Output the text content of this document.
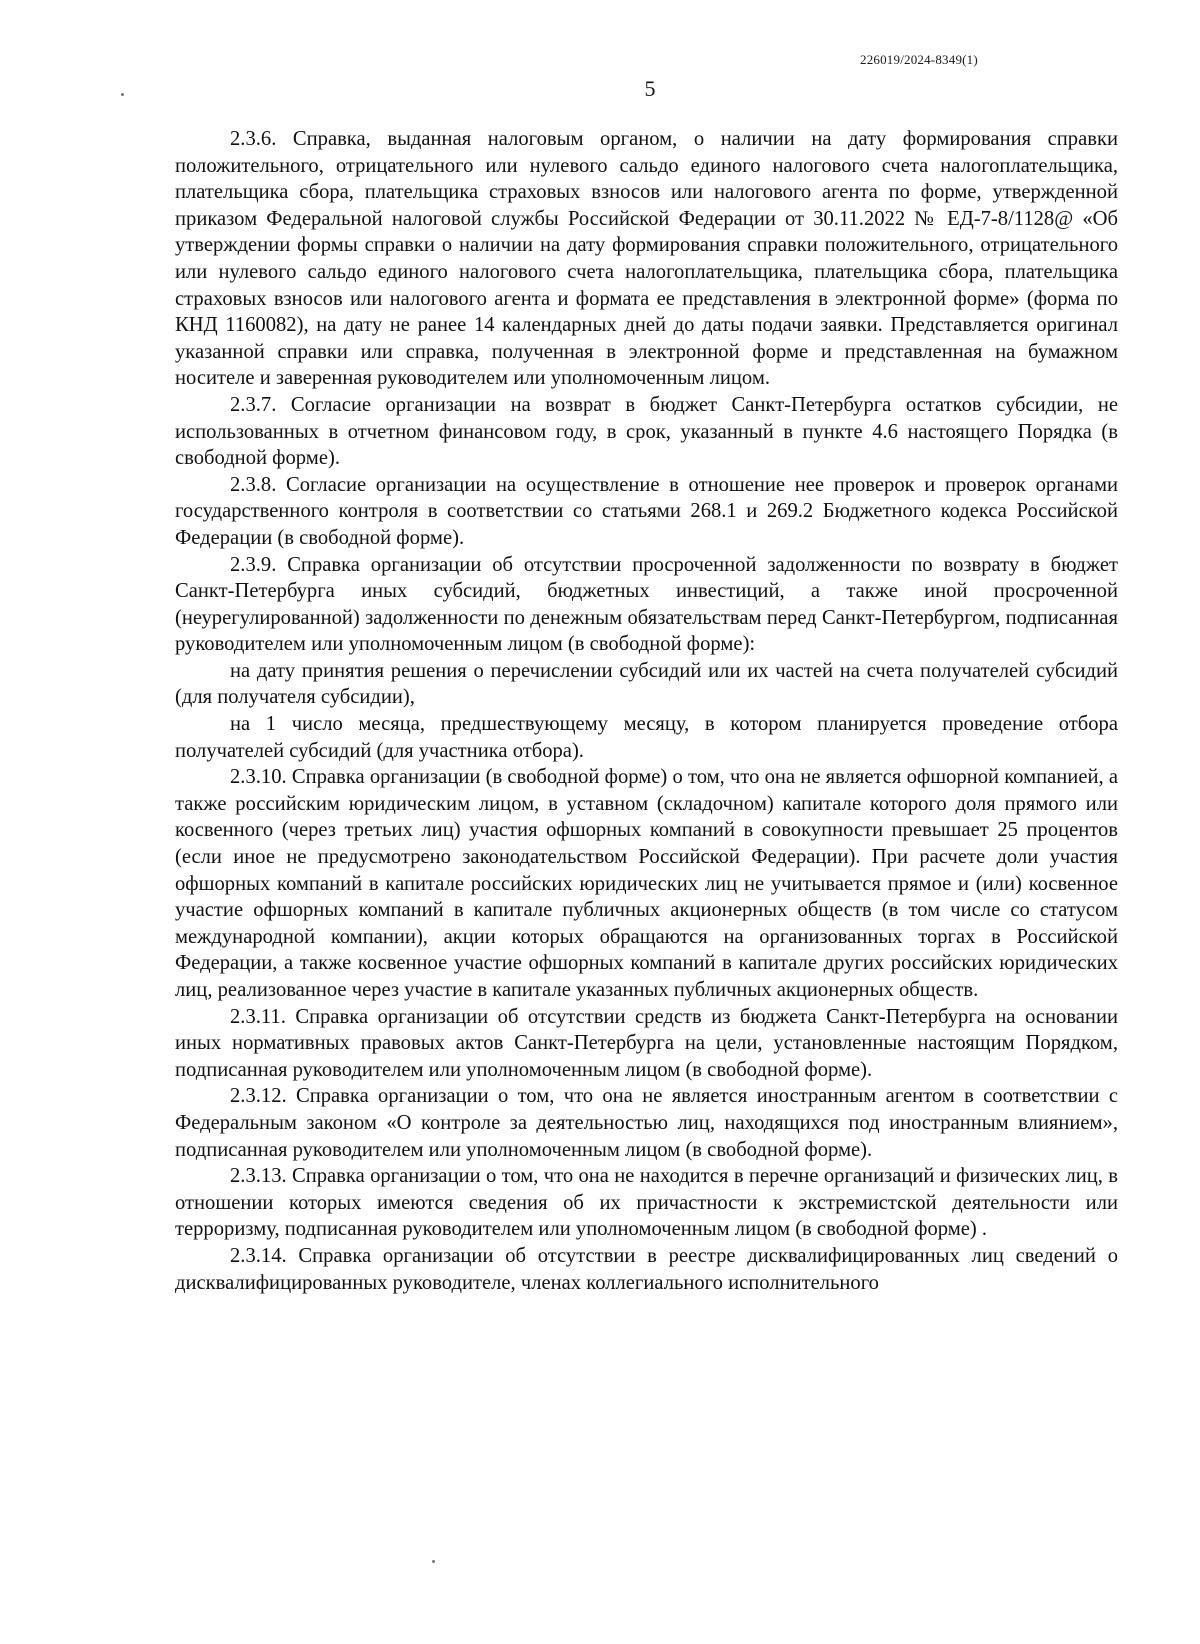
226019/2024-8349(1)
5

2.3.6. Справка, выданная налоговым органом, о наличии на дату формирования справки положительного, отрицательного или нулевого сальдо единого налогового счета налогоплательщика, плательщика сбора, плательщика страховых взносов или налогового агента по форме, утвержденной приказом Федеральной налоговой службы Российской Федерации от 30.11.2022 № ЕД-7-8/1128@ «Об утверждении формы справки о наличии на дату формирования справки положительного, отрицательного или нулевого сальдо единого налогового счета налогоплательщика, плательщика сбора, плательщика страховых взносов или налогового агента и формата ее представления в электронной форме» (форма по КНД 1160082), на дату не ранее 14 календарных дней до даты подачи заявки. Представляется оригинал указанной справки или справка, полученная в электронной форме и представленная на бумажном носителе и заверенная руководителем или уполномоченным лицом.

2.3.7. Согласие организации на возврат в бюджет Санкт-Петербурга остатков субсидии, не использованных в отчетном финансовом году, в срок, указанный в пункте 4.6 настоящего Порядка (в свободной форме).

2.3.8. Согласие организации на осуществление в отношение нее проверок и проверок органами государственного контроля в соответствии со статьями 268.1 и 269.2 Бюджетного кодекса Российской Федерации (в свободной форме).

2.3.9. Справка организации об отсутствии просроченной задолженности по возврату в бюджет Санкт-Петербурга иных субсидий, бюджетных инвестиций, а также иной просроченной (неурегулированной) задолженности по денежным обязательствам перед Санкт-Петербургом, подписанная руководителем или уполномоченным лицом (в свободной форме):

на дату принятия решения о перечислении субсидий или их частей на счета получателей субсидий (для получателя субсидии),

на 1 число месяца, предшествующему месяцу, в котором планируется проведение отбора получателей субсидий (для участника отбора).

2.3.10. Справка организации (в свободной форме) о том, что она не является офшорной компанией, а также российским юридическим лицом, в уставном (складочном) капитале которого доля прямого или косвенного (через третьих лиц) участия офшорных компаний в совокупности превышает 25 процентов (если иное не предусмотрено законодательством Российской Федерации). При расчете доли участия офшорных компаний в капитале российских юридических лиц не учитывается прямое и (или) косвенное участие офшорных компаний в капитале публичных акционерных обществ (в том числе со статусом международной компании), акции которых обращаются на организованных торгах в Российской Федерации, а также косвенное участие офшорных компаний в капитале других российских юридических лиц, реализованное через участие в капитале указанных публичных акционерных обществ.

2.3.11. Справка организации об отсутствии средств из бюджета Санкт-Петербурга на основании иных нормативных правовых актов Санкт-Петербурга на цели, установленные настоящим Порядком, подписанная руководителем или уполномоченным лицом (в свободной форме).

2.3.12. Справка организации о том, что она не является иностранным агентом в соответствии с Федеральным законом «О контроле за деятельностью лиц, находящихся под иностранным влиянием», подписанная руководителем или уполномоченным лицом (в свободной форме).

2.3.13. Справка организации о том, что она не находится в перечне организаций и физических лиц, в отношении которых имеются сведения об их причастности к экстремистской деятельности или терроризму, подписанная руководителем или уполномоченным лицом (в свободной форме) .

2.3.14. Справка организации об отсутствии в реестре дисквалифицированных лиц сведений о дисквалифицированных руководителе, членах коллегиального исполнительного
